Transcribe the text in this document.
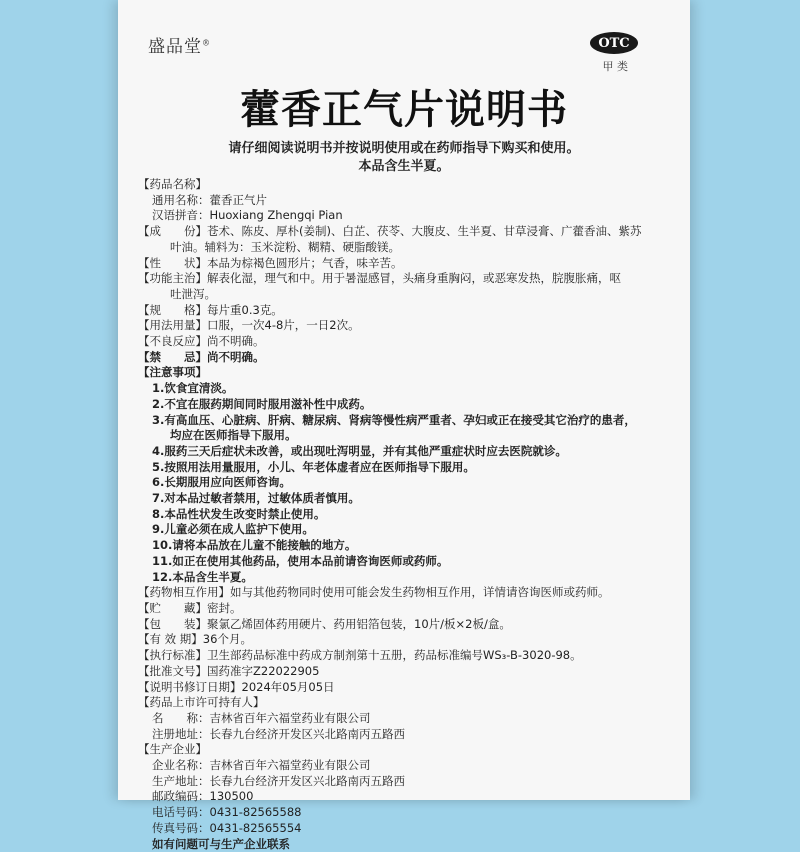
盛品堂®	OTC
甲 类
藿香正气片说明书
请仔细阅读说明书并按说明使用或在药师指导下购买和使用。
本品含生半夏。
【药品名称】
通用名称：藿香正气片
汉语拼音：Huoxiang Zhengqi Pian
【成　　份】苍术、陈皮、厚朴(姜制)、白芷、茯苓、大腹皮、生半夏、甘草浸膏、广藿香油、紫苏
叶油。辅料为：玉米淀粉、糊精、硬脂酸镁。
【性　　状】本品为棕褐色圆形片；气香，味辛苦。
【功能主治】解表化湿，理气和中。用于暑湿感冒，头痛身重胸闷，或恶寒发热，脘腹胀痛，呕
吐泄泻。
【规　　格】每片重0.3克。
【用法用量】口服，一次4-8片，一日2次。
【不良反应】尚不明确。
【禁　　忌】尚不明确。
【注意事项】
1.饮食宜清淡。
2.不宜在服药期间同时服用滋补性中成药。
3.有高血压、心脏病、肝病、糖尿病、肾病等慢性病严重者、孕妇或正在接受其它治疗的患者，
均应在医师指导下服用。
4.服药三天后症状未改善，或出现吐泻明显，并有其他严重症状时应去医院就诊。
5.按照用法用量服用，小儿、年老体虚者应在医师指导下服用。
6.长期服用应向医师咨询。
7.对本品过敏者禁用，过敏体质者慎用。
8.本品性状发生改变时禁止使用。
9.儿童必须在成人监护下使用。
10.请将本品放在儿童不能接触的地方。
11.如正在使用其他药品，使用本品前请咨询医师或药师。
12.本品含生半夏。
【药物相互作用】如与其他药物同时使用可能会发生药物相互作用，详情请咨询医师或药师。
【贮　　藏】密封。
【包　　装】聚氯乙烯固体药用硬片、药用铝箔包装，10片/板×2板/盒。
【有 效 期】36个月。
【执行标准】卫生部药品标准中药成方制剂第十五册，药品标准编号WS₃-B-3020-98。
【批准文号】国药准字Z22022905
【说明书修订日期】2024年05月05日
【药品上市许可持有人】
名　　称：吉林省百年六福堂药业有限公司
注册地址：长春九台经济开发区兴北路南丙五路西
【生产企业】
企业名称：吉林省百年六福堂药业有限公司
生产地址：长春九台经济开发区兴北路南丙五路西
邮政编码：130500
电话号码：0431-82565588
传真号码：0431-82565554
如有问题可与生产企业联系
